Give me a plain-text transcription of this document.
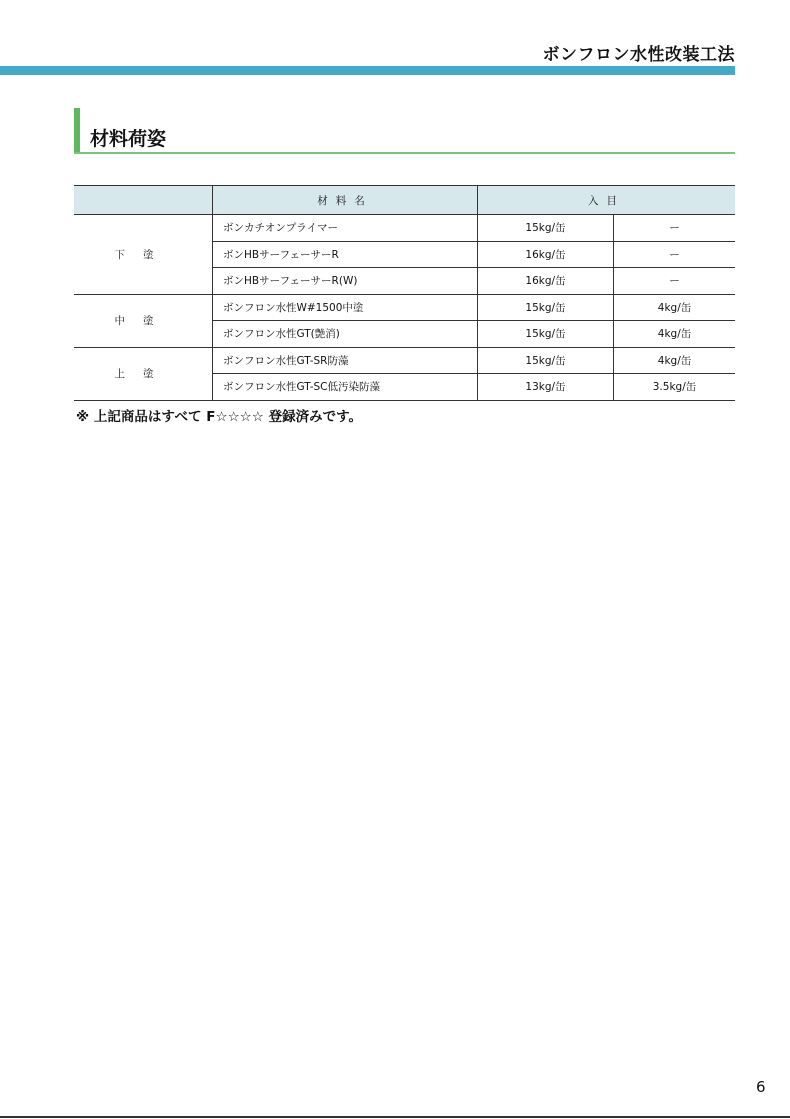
ボンフロン水性改装工法
材料荷姿
	材料名	入目	
下塗	ボンカチオンプライマー	15kg/缶	ー
	ボンHBサーフェーサーR	16kg/缶	ー
	ボンHBサーフェーサーR(W)	16kg/缶	ー
中塗	ボンフロン水性W#1500中塗	15kg/缶	4kg/缶
	ボンフロン水性GT(艶消)	15kg/缶	4kg/缶
上塗	ボンフロン水性GT-SR防藻	15kg/缶	4kg/缶
	ボンフロン水性GT-SC低汚染防藻	13kg/缶	3.5kg/缶
※ 上記商品はすべて F☆☆☆☆ 登録済みです。
6
